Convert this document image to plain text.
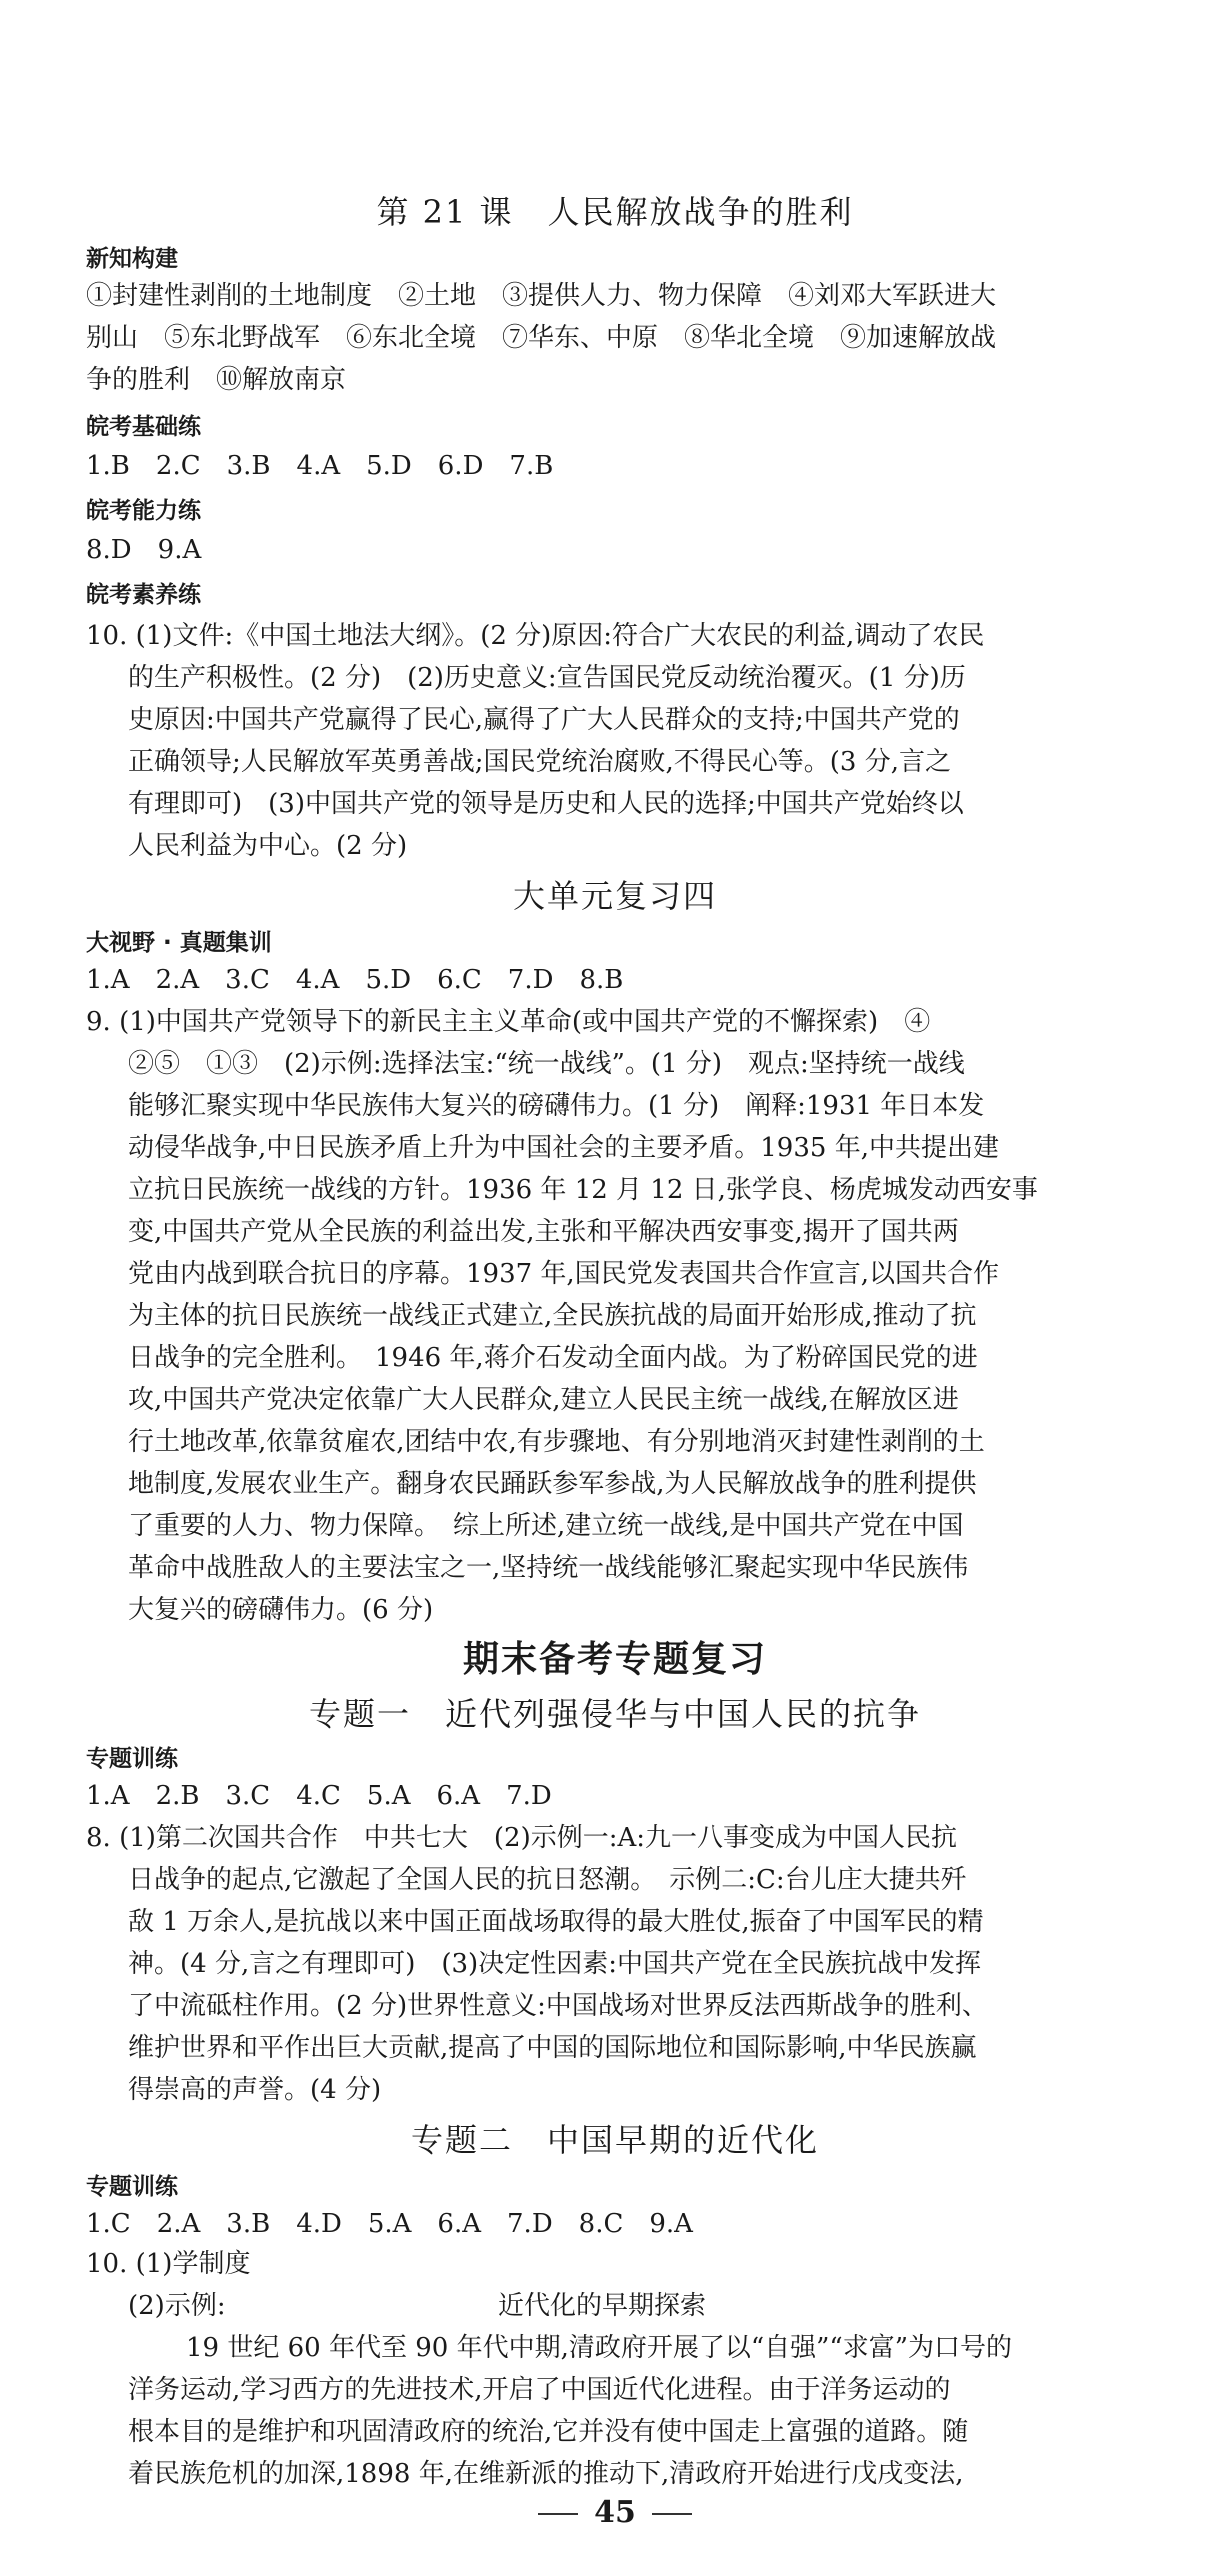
第 21 课　人民解放战争的胜利
新知构建
①封建性剥削的土地制度　②土地　③提供人力、物力保障　④刘邓大军跃进大
别山　⑤东北野战军　⑥东北全境　⑦华东、中原　⑧华北全境　⑨加速解放战
争的胜利　⑩解放南京
皖考基础练
1.B　2.C　3.B　4.A　5.D　6.D　7.B
皖考能力练
8.D　9.A
皖考素养练
10. (1)文件:《中国土地法大纲》。(2 分)原因:符合广大农民的利益,调动了农民
的生产积极性。(2 分)　(2)历史意义:宣告国民党反动统治覆灭。(1 分)历
史原因:中国共产党赢得了民心,赢得了广大人民群众的支持;中国共产党的
正确领导;人民解放军英勇善战;国民党统治腐败,不得民心等。(3 分,言之
有理即可)　(3)中国共产党的领导是历史和人民的选择;中国共产党始终以
人民利益为中心。(2 分)
大单元复习四
大视野 · 真题集训
1.A　2.A　3.C　4.A　5.D　6.C　7.D　8.B
9. (1)中国共产党领导下的新民主主义革命(或中国共产党的不懈探索)　④
②⑤　①③　(2)示例:选择法宝:“统一战线”。(1 分)　观点:坚持统一战线
能够汇聚实现中华民族伟大复兴的磅礴伟力。(1 分)　阐释:1931 年日本发
动侵华战争,中日民族矛盾上升为中国社会的主要矛盾。1935 年,中共提出建
立抗日民族统一战线的方针。1936 年 12 月 12 日,张学良、杨虎城发动西安事
变,中国共产党从全民族的利益出发,主张和平解决西安事变,揭开了国共两
党由内战到联合抗日的序幕。1937 年,国民党发表国共合作宣言,以国共合作
为主体的抗日民族统一战线正式建立,全民族抗战的局面开始形成,推动了抗
日战争的完全胜利。　1946 年,蒋介石发动全面内战。为了粉碎国民党的进
攻,中国共产党决定依靠广大人民群众,建立人民民主统一战线,在解放区进
行土地改革,依靠贫雇农,团结中农,有步骤地、有分别地消灭封建性剥削的土
地制度,发展农业生产。翻身农民踊跃参军参战,为人民解放战争的胜利提供
了重要的人力、物力保障。　综上所述,建立统一战线,是中国共产党在中国
革命中战胜敌人的主要法宝之一,坚持统一战线能够汇聚起实现中华民族伟
大复兴的磅礴伟力。(6 分)
期末备考专题复习
专题一　近代列强侵华与中国人民的抗争
专题训练
1.A　2.B　3.C　4.C　5.A　6.A　7.D
8. (1)第二次国共合作　中共七大　(2)示例一:A:九一八事变成为中国人民抗
日战争的起点,它激起了全国人民的抗日怒潮。　示例二:C:台儿庄大捷共歼
敌 1 万余人,是抗战以来中国正面战场取得的最大胜仗,振奋了中国军民的精
神。(4 分,言之有理即可)　(3)决定性因素:中国共产党在全民族抗战中发挥
了中流砥柱作用。(2 分)世界性意义:中国战场对世界反法西斯战争的胜利、
维护世界和平作出巨大贡献,提高了中国的国际地位和国际影响,中华民族赢
得崇高的声誉。(4 分)
专题二　中国早期的近代化
专题训练
1.C　2.A　3.B　4.D　5.A　6.A　7.D　8.C　9.A
10. (1)学制度
(2)示例:	近代化的早期探索
19 世纪 60 年代至 90 年代中期,清政府开展了以“自强”“求富”为口号的
洋务运动,学习西方的先进技术,开启了中国近代化进程。由于洋务运动的
根本目的是维护和巩固清政府的统治,它并没有使中国走上富强的道路。随
着民族危机的加深,1898 年,在维新派的推动下,清政府开始进行戊戌变法,
45
